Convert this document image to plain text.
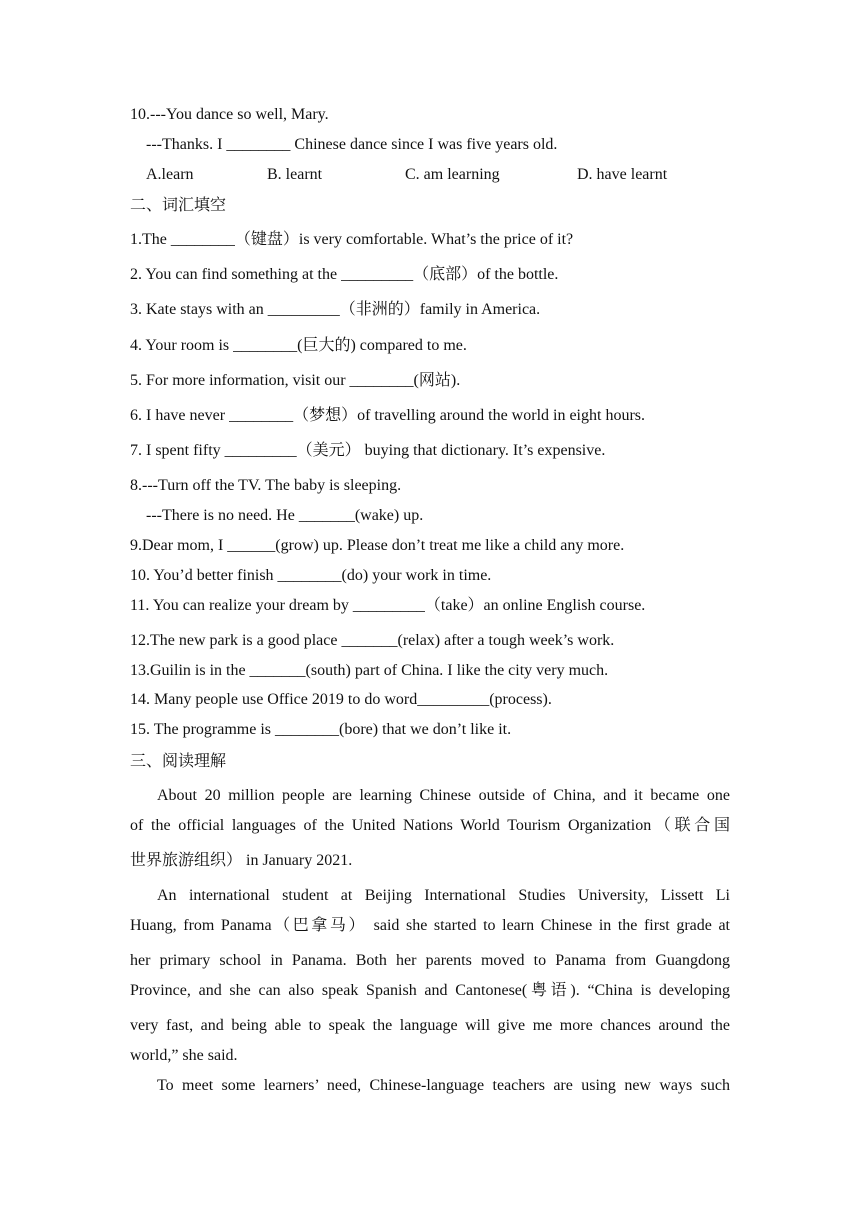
10.---You dance so well, Mary.
---Thanks. I ________ Chinese dance since I was five years old.
A.learn	B. learnt	C. am learning	D. have learnt
二、词汇填空
1.The ________（键盘）is very comfortable. What’s the price of it?
2. You can find something at the _________（底部）of the bottle.
3. Kate stays with an _________（非洲的）family in America.
4. Your room is ________(巨大的) compared to me.
5. For more information, visit our ________(网站).
6. I have never ________（梦想）of travelling around the world in eight hours.
7. I spent fifty _________（美元） buying that dictionary. It’s expensive.
8.---Turn off the TV. The baby is sleeping.
---There is no need. He _______(wake) up.
9.Dear mom, I ______(grow) up. Please don’t treat me like a child any more.
10. You’d better finish ________(do) your work in time.
11. You can realize your dream by _________（take）an online English course.
12.The new park is a good place _______(relax) after a tough week’s work.
13.Guilin is in the _______(south) part of China. I like the city very much.
14. Many people use Office 2019 to do word_________(process).
15. The programme is ________(bore) that we don’t like it.
三、阅读理解
About 20 million people are learning Chinese outside of China, and it became one
of the official languages of the United Nations World Tourism Organization（联合国
世界旅游组织） in January 2021.
An international student at Beijing International Studies University, Lissett Li
Huang, from Panama（巴拿马） said she started to learn Chinese in the first grade at
her primary school in Panama. Both her parents moved to Panama from Guangdong
Province, and she can also speak Spanish and Cantonese(粤语). “China is developing
very fast, and being able to speak the language will give me more chances around the
world,” she said.
To meet some learners’ need, Chinese-language teachers are using new ways such
